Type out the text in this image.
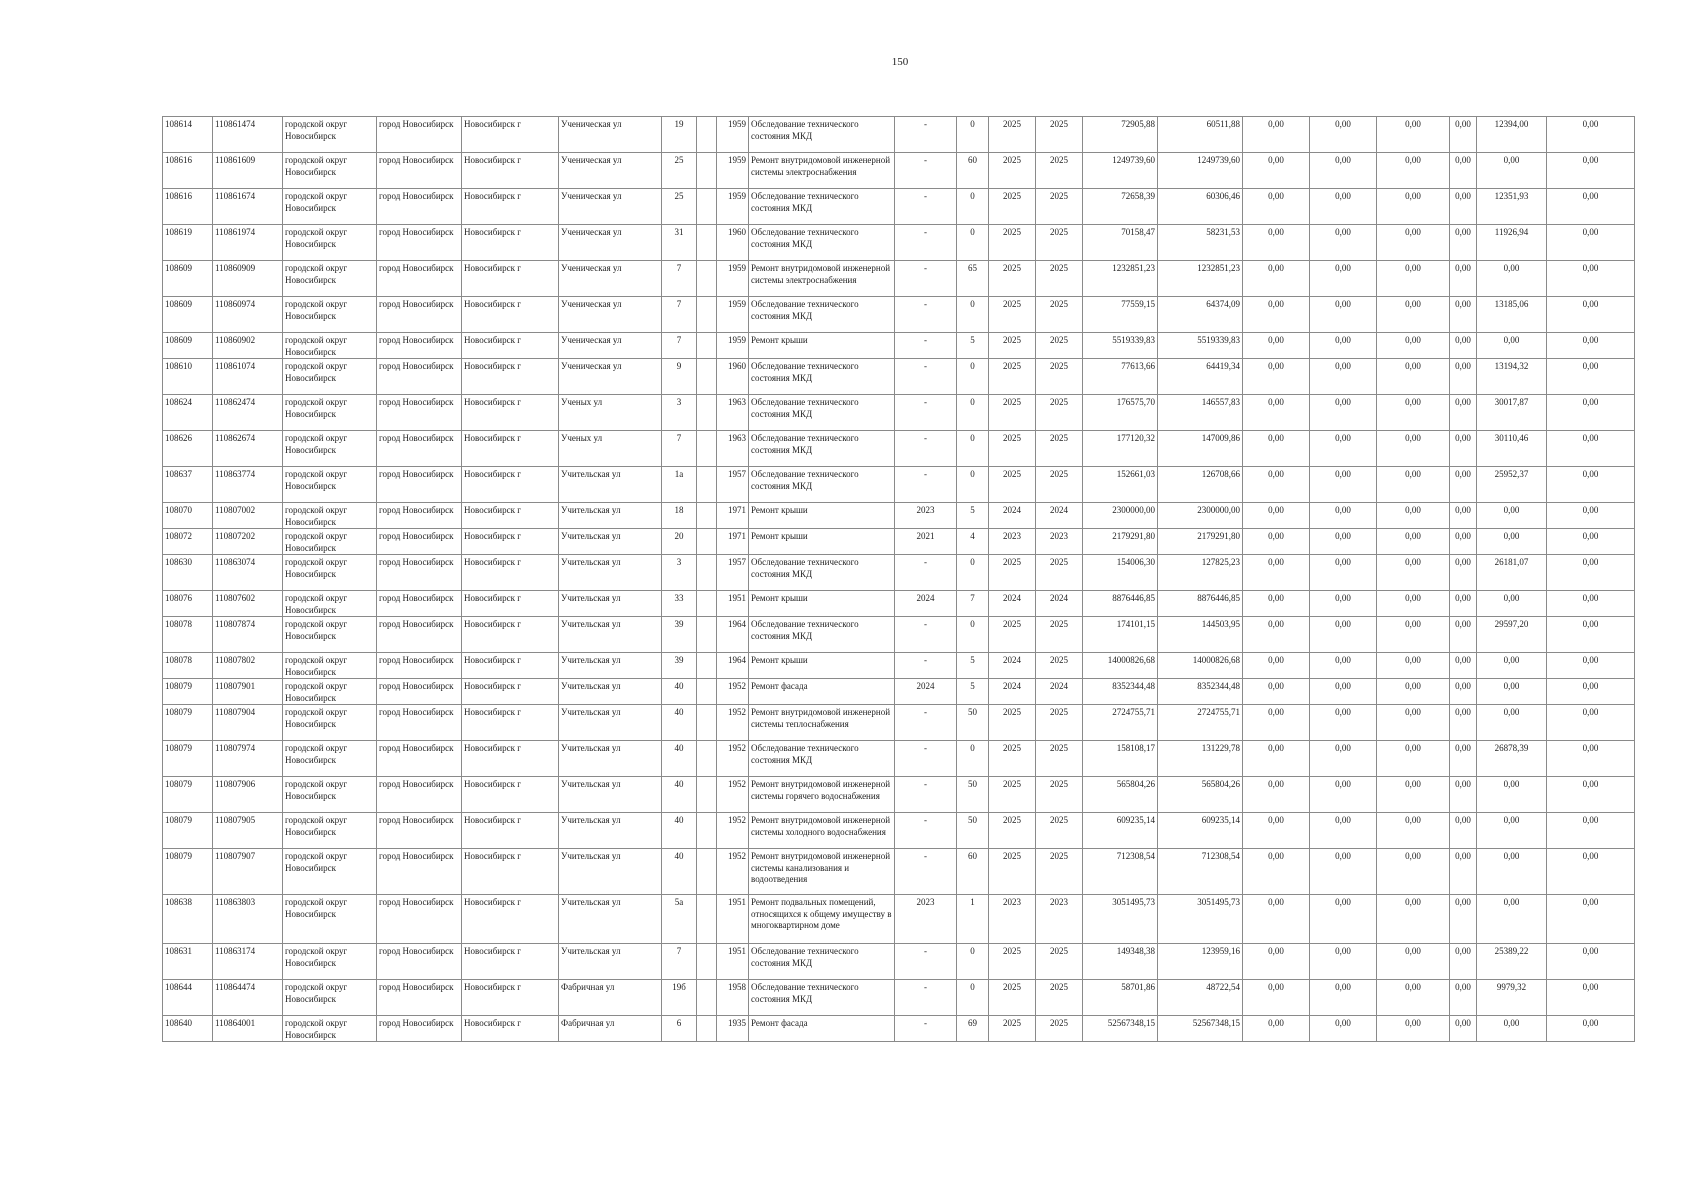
150
108614	110861474	городской округ Новосибирск	город Новосибирск	Новосибирск г	Ученическая ул	19		1959	Обследование технического состояния МКД	-	0	2025	2025	72905,88	60511,88	0,00	0,00	0,00	0,00	12394,00	0,00
108616	110861609	городской округ Новосибирск	город Новосибирск	Новосибирск г	Ученическая ул	25		1959	Ремонт внутридомовой инженерной системы электроснабжения	-	60	2025	2025	1249739,60	1249739,60	0,00	0,00	0,00	0,00	0,00	0,00
108616	110861674	городской округ Новосибирск	город Новосибирск	Новосибирск г	Ученическая ул	25		1959	Обследование технического состояния МКД	-	0	2025	2025	72658,39	60306,46	0,00	0,00	0,00	0,00	12351,93	0,00
108619	110861974	городской округ Новосибирск	город Новосибирск	Новосибирск г	Ученическая ул	31		1960	Обследование технического состояния МКД	-	0	2025	2025	70158,47	58231,53	0,00	0,00	0,00	0,00	11926,94	0,00
108609	110860909	городской округ Новосибирск	город Новосибирск	Новосибирск г	Ученическая ул	7		1959	Ремонт внутридомовой инженерной системы электроснабжения	-	65	2025	2025	1232851,23	1232851,23	0,00	0,00	0,00	0,00	0,00	0,00
108609	110860974	городской округ Новосибирск	город Новосибирск	Новосибирск г	Ученическая ул	7		1959	Обследование технического состояния МКД	-	0	2025	2025	77559,15	64374,09	0,00	0,00	0,00	0,00	13185,06	0,00
108609	110860902	городской округ Новосибирск	город Новосибирск	Новосибирск г	Ученическая ул	7		1959	Ремонт крыши	-	5	2025	2025	5519339,83	5519339,83	0,00	0,00	0,00	0,00	0,00	0,00
108610	110861074	городской округ Новосибирск	город Новосибирск	Новосибирск г	Ученическая ул	9		1960	Обследование технического состояния МКД	-	0	2025	2025	77613,66	64419,34	0,00	0,00	0,00	0,00	13194,32	0,00
108624	110862474	городской округ Новосибирск	город Новосибирск	Новосибирск г	Ученых ул	3		1963	Обследование технического состояния МКД	-	0	2025	2025	176575,70	146557,83	0,00	0,00	0,00	0,00	30017,87	0,00
108626	110862674	городской округ Новосибирск	город Новосибирск	Новосибирск г	Ученых ул	7		1963	Обследование технического состояния МКД	-	0	2025	2025	177120,32	147009,86	0,00	0,00	0,00	0,00	30110,46	0,00
108637	110863774	городской округ Новосибирск	город Новосибирск	Новосибирск г	Учительская ул	1а		1957	Обследование технического состояния МКД	-	0	2025	2025	152661,03	126708,66	0,00	0,00	0,00	0,00	25952,37	0,00
108070	110807002	городской округ Новосибирск	город Новосибирск	Новосибирск г	Учительская ул	18		1971	Ремонт крыши	2023	5	2024	2024	2300000,00	2300000,00	0,00	0,00	0,00	0,00	0,00	0,00
108072	110807202	городской округ Новосибирск	город Новосибирск	Новосибирск г	Учительская ул	20		1971	Ремонт крыши	2021	4	2023	2023	2179291,80	2179291,80	0,00	0,00	0,00	0,00	0,00	0,00
108630	110863074	городской округ Новосибирск	город Новосибирск	Новосибирск г	Учительская ул	3		1957	Обследование технического состояния МКД	-	0	2025	2025	154006,30	127825,23	0,00	0,00	0,00	0,00	26181,07	0,00
108076	110807602	городской округ Новосибирск	город Новосибирск	Новосибирск г	Учительская ул	33		1951	Ремонт крыши	2024	7	2024	2024	8876446,85	8876446,85	0,00	0,00	0,00	0,00	0,00	0,00
108078	110807874	городской округ Новосибирск	город Новосибирск	Новосибирск г	Учительская ул	39		1964	Обследование технического состояния МКД	-	0	2025	2025	174101,15	144503,95	0,00	0,00	0,00	0,00	29597,20	0,00
108078	110807802	городской округ Новосибирск	город Новосибирск	Новосибирск г	Учительская ул	39		1964	Ремонт крыши	-	5	2024	2025	14000826,68	14000826,68	0,00	0,00	0,00	0,00	0,00	0,00
108079	110807901	городской округ Новосибирск	город Новосибирск	Новосибирск г	Учительская ул	40		1952	Ремонт фасада	2024	5	2024	2024	8352344,48	8352344,48	0,00	0,00	0,00	0,00	0,00	0,00
108079	110807904	городской округ Новосибирск	город Новосибирск	Новосибирск г	Учительская ул	40		1952	Ремонт внутридомовой инженерной системы теплоснабжения	-	50	2025	2025	2724755,71	2724755,71	0,00	0,00	0,00	0,00	0,00	0,00
108079	110807974	городской округ Новосибирск	город Новосибирск	Новосибирск г	Учительская ул	40		1952	Обследование технического состояния МКД	-	0	2025	2025	158108,17	131229,78	0,00	0,00	0,00	0,00	26878,39	0,00
108079	110807906	городской округ Новосибирск	город Новосибирск	Новосибирск г	Учительская ул	40		1952	Ремонт внутридомовой инженерной системы горячего водоснабжения	-	50	2025	2025	565804,26	565804,26	0,00	0,00	0,00	0,00	0,00	0,00
108079	110807905	городской округ Новосибирск	город Новосибирск	Новосибирск г	Учительская ул	40		1952	Ремонт внутридомовой инженерной системы холодного водоснабжения	-	50	2025	2025	609235,14	609235,14	0,00	0,00	0,00	0,00	0,00	0,00
108079	110807907	городской округ Новосибирск	город Новосибирск	Новосибирск г	Учительская ул	40		1952	Ремонт внутридомовой инженерной системы канализования и водоотведения	-	60	2025	2025	712308,54	712308,54	0,00	0,00	0,00	0,00	0,00	0,00
108638	110863803	городской округ Новосибирск	город Новосибирск	Новосибирск г	Учительская ул	5а		1951	Ремонт подвальных помещений, относящихся к общему имуществу в многоквартирном доме	2023	1	2023	2023	3051495,73	3051495,73	0,00	0,00	0,00	0,00	0,00	0,00
108631	110863174	городской округ Новосибирск	город Новосибирск	Новосибирск г	Учительская ул	7		1951	Обследование технического состояния МКД	-	0	2025	2025	149348,38	123959,16	0,00	0,00	0,00	0,00	25389,22	0,00
108644	110864474	городской округ Новосибирск	город Новосибирск	Новосибирск г	Фабричная ул	19б		1958	Обследование технического состояния МКД	-	0	2025	2025	58701,86	48722,54	0,00	0,00	0,00	0,00	9979,32	0,00
108640	110864001	городской округ Новосибирск	город Новосибирск	Новосибирск г	Фабричная ул	6		1935	Ремонт фасада	-	69	2025	2025	52567348,15	52567348,15	0,00	0,00	0,00	0,00	0,00	0,00
